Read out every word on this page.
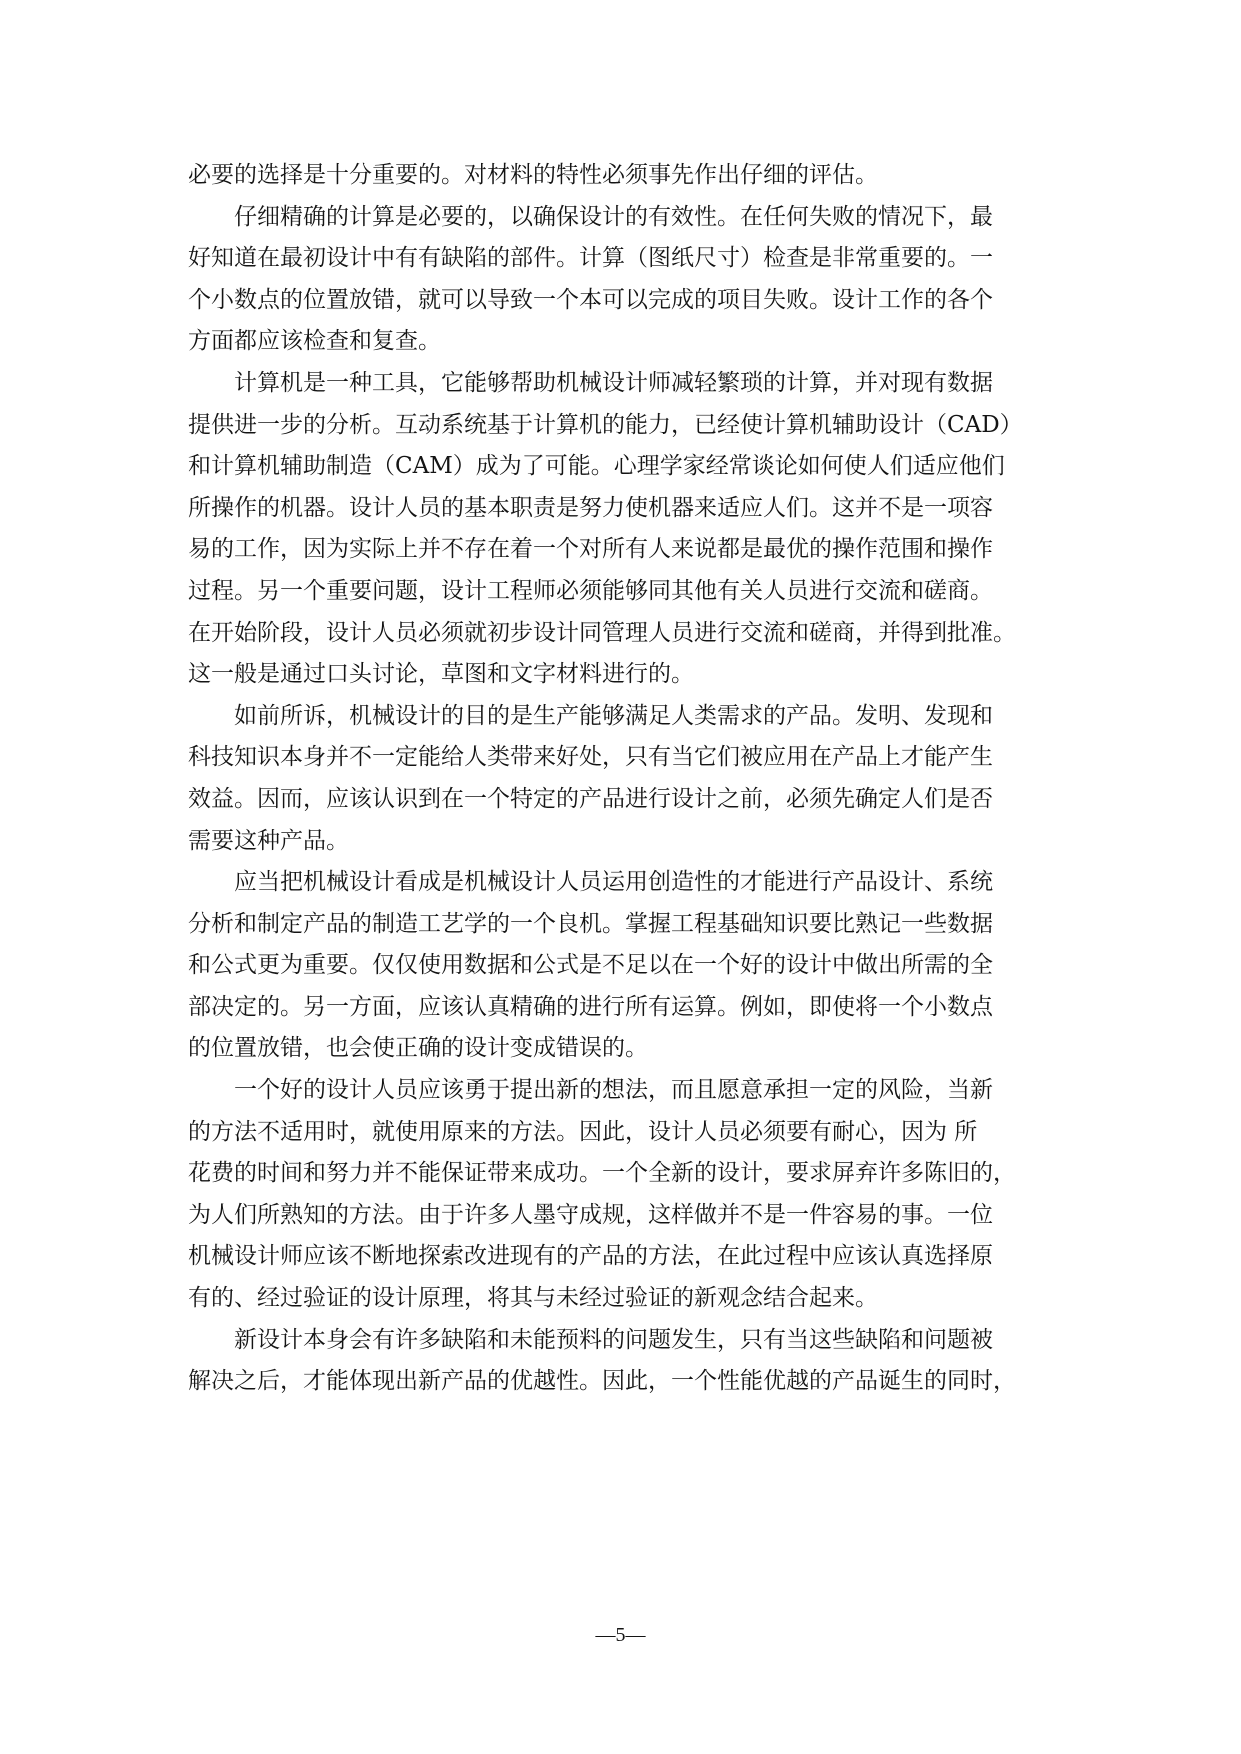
必要的选择是十分重要的。对材料的特性必须事先作出仔细的评估。
仔细精确的计算是必要的，以确保设计的有效性。在任何失败的情况下，最
好知道在最初设计中有有缺陷的部件。计算（图纸尺寸）检查是非常重要的。一
个小数点的位置放错，就可以导致一个本可以完成的项目失败。设计工作的各个
方面都应该检查和复查。
计算机是一种工具，它能够帮助机械设计师减轻繁琐的计算，并对现有数据
提供进一步的分析。互动系统基于计算机的能力，已经使计算机辅助设计（CAD）
和计算机辅助制造（CAM）成为了可能。心理学家经常谈论如何使人们适应他们
所操作的机器。设计人员的基本职责是努力使机器来适应人们。这并不是一项容
易的工作，因为实际上并不存在着一个对所有人来说都是最优的操作范围和操作
过程。另一个重要问题，设计工程师必须能够同其他有关人员进行交流和磋商。
在开始阶段，设计人员必须就初步设计同管理人员进行交流和磋商，并得到批准。
这一般是通过口头讨论，草图和文字材料进行的。
如前所诉，机械设计的目的是生产能够满足人类需求的产品。发明、发现和
科技知识本身并不一定能给人类带来好处，只有当它们被应用在产品上才能产生
效益。因而，应该认识到在一个特定的产品进行设计之前，必须先确定人们是否
需要这种产品。
应当把机械设计看成是机械设计人员运用创造性的才能进行产品设计、系统
分析和制定产品的制造工艺学的一个良机。掌握工程基础知识要比熟记一些数据
和公式更为重要。仅仅使用数据和公式是不足以在一个好的设计中做出所需的全
部决定的。另一方面，应该认真精确的进行所有运算。例如，即使将一个小数点
的位置放错，也会使正确的设计变成错误的。
一个好的设计人员应该勇于提出新的想法，而且愿意承担一定的风险，当新
的方法不适用时，就使用原来的方法。因此，设计人员必须要有耐心，因为 所
花费的时间和努力并不能保证带来成功。一个全新的设计，要求屏弃许多陈旧的，
为人们所熟知的方法。由于许多人墨守成规，这样做并不是一件容易的事。一位
机械设计师应该不断地探索改进现有的产品的方法，在此过程中应该认真选择原
有的、经过验证的设计原理，将其与未经过验证的新观念结合起来。
新设计本身会有许多缺陷和未能预料的问题发生，只有当这些缺陷和问题被
解决之后，才能体现出新产品的优越性。因此，一个性能优越的产品诞生的同时，
—5—
